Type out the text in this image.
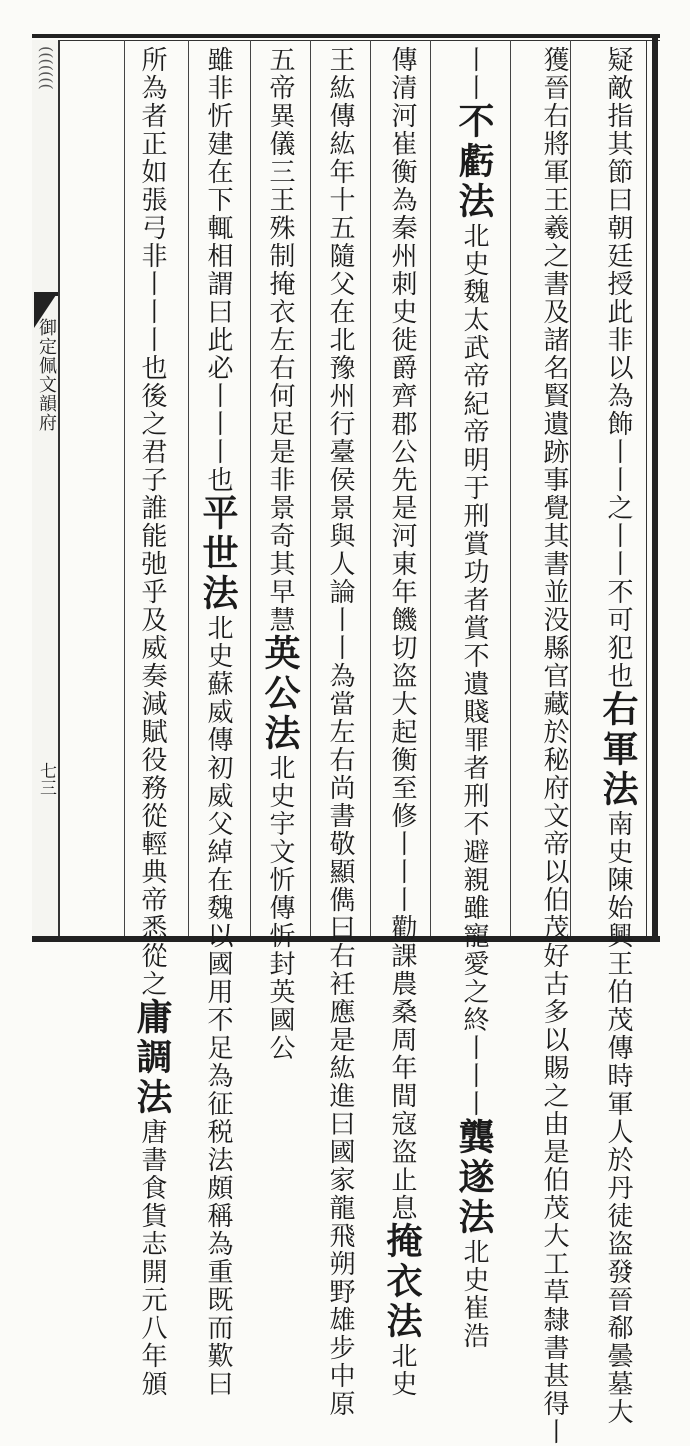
(((((((
御定佩文韻府
七三
疑敵指其節曰朝廷授此非以為飾丨丨之丨丨不可犯也右軍法南史陳始興王伯茂傳時軍人於丹徒盗發晉郗曇墓大
獲晉右將軍王羲之書及諸名賢遺跡事覺其書並没縣官藏於秘府文帝以伯茂好古多以賜之由是伯茂大工草隸書甚得丨
丨丨不虧法北史魏太武帝紀帝明于刑賞功者賞不遺賤罪者刑不避親雖寵愛之終丨丨丨龔遂法北史崔浩
傳清河崔衡為秦州刺史徙爵齊郡公先是河東年饑切盗大起衡至修丨丨丨勸課農桑周年間寇盗止息掩衣法北史
王紘傳紘年十五隨父在北豫州行臺侯景與人論丨丨為當左右尚書敬顯儁曰右衽應是紘進曰國家龍飛朔野雄步中原
五帝異儀三王殊制掩衣左右何足是非景奇其早慧英公法北史宇文忻傳忻封英國公
雖非忻建在下輒相謂曰此必丨丨丨也平世法北史蘇威傳初威父綽在魏以國用不足為征税法頗稱為重既而歎曰
所為者正如張弓非丨丨丨也後之君子誰能弛乎及威奏減賦役務從輕典帝悉從之庸調法唐書食貨志開元八年頒
